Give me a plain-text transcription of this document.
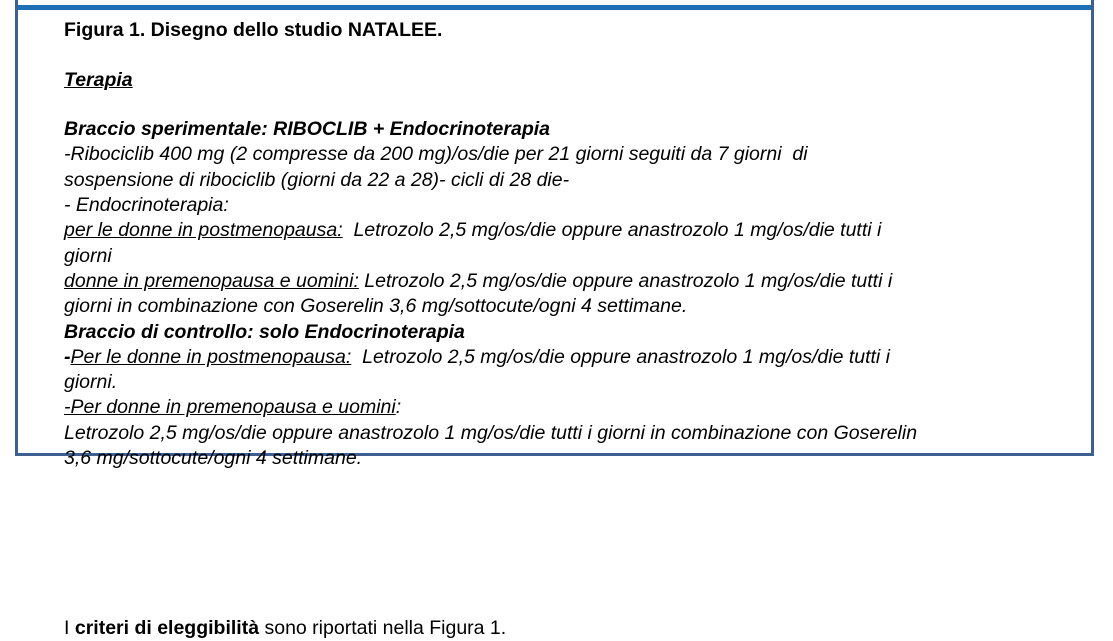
Figura 1. Disegno dello studio NATALEE.

Terapia

Braccio sperimentale: RIBOCLIB + Endocrinoterapia

-Ribociclib 400 mg (2 compresse da 200 mg)/os/die per 21 giorni seguiti da 7 giorni  di

sospensione di ribociclib (giorni da 22 a 28)- cicli di 28 die-

- Endocrinoterapia:

per le donne in postmenopausa:  Letrozolo 2,5 mg/os/die oppure anastrozolo 1 mg/os/die tutti i

giorni

donne in premenopausa e uomini: Letrozolo 2,5 mg/os/die oppure anastrozolo 1 mg/os/die tutti i

giorni in combinazione con Goserelin 3,6 mg/sottocute/ogni 4 settimane.

Braccio di controllo: solo Endocrinoterapia

-Per le donne in postmenopausa:  Letrozolo 2,5 mg/os/die oppure anastrozolo 1 mg/os/die tutti i

giorni.

-Per donne in premenopausa e uomini:

Letrozolo 2,5 mg/os/die oppure anastrozolo 1 mg/os/die tutti i giorni in combinazione con Goserelin

3,6 mg/sottocute/ogni 4 settimane.

I criteri di eleggibilità sono riportati nella Figura 1.
